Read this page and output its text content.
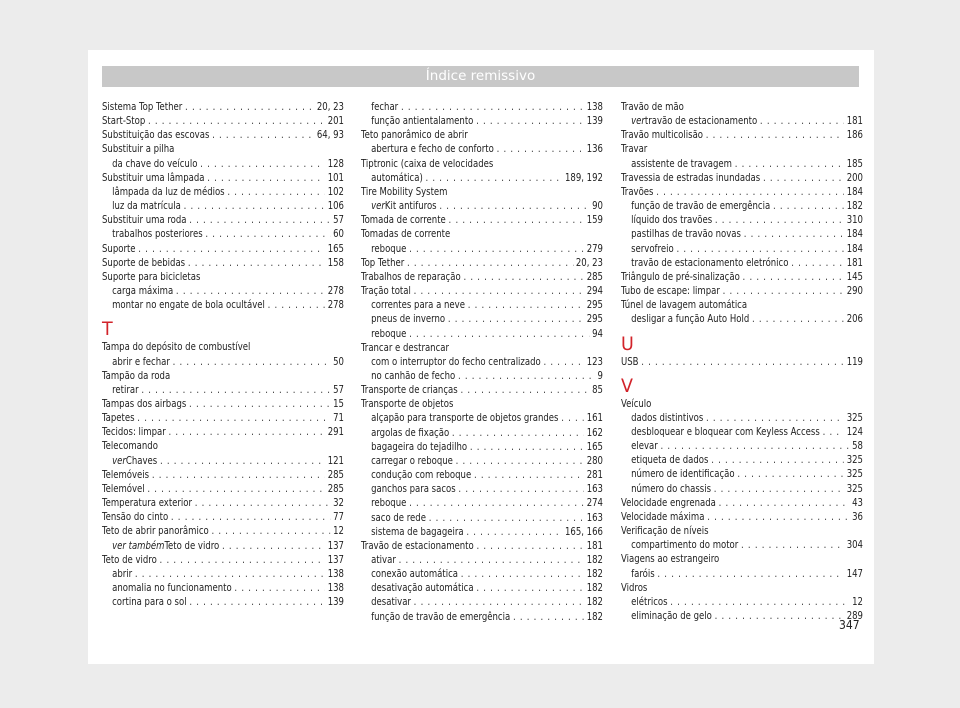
Índice remissivo
Sistema Top Tether . . .	20, 23
Start-Stop . . .	201
Substituição das escovas . . .	64, 93
Substituir a pilha
da chave do veículo . . .	128
Substituir uma lâmpada . . .	101
lâmpada da luz de médios . . .	102
luz da matrícula . . .	106
Substituir uma roda . . .	57
trabalhos posteriores . . .	60
Suporte . . .	165
Suporte de bebidas . . .	158
Suporte para bicicletas
carga máxima . . .	278
montar no engate de bola ocultável . . .	278
T
Tampa do depósito de combustível
abrir e fechar . . .	50
Tampão da roda
retirar . . .	57
Tampas dos airbags . . .	15
Tapetes . . .	71
Tecidos: limpar . . .	291
Telecomando
ver Chaves . . .	121
Telemóveis . . .	285
Telemóvel . . .	285
Temperatura exterior . . .	32
Tensão do cinto . . .	77
Teto de abrir panorâmico . . .	12
ver também Teto de vidro . . .	137
Teto de vidro . . .	137
abrir . . .	138
anomalia no funcionamento . . .	138
cortina para o sol . . .	139
fechar . . .	138
função antientalamento . . .	139
Teto panorâmico de abrir
abertura e fecho de conforto . . .	136
Tiptronic (caixa de velocidades
automática) . . .	189, 192
Tire Mobility System
ver Kit antifuros . . .	90
Tomada de corrente . . .	159
Tomadas de corrente
reboque . . .	279
Top Tether . . .	20, 23
Trabalhos de reparação . . .	285
Tração total . . .	294
correntes para a neve . . .	295
pneus de inverno . . .	295
reboque . . .	94
Trancar e destrancar
com o interruptor do fecho centralizado . . .	123
no canhão de fecho . . .	9
Transporte de crianças . . .	85
Transporte de objetos
alçapão para transporte de objetos grandes . . .	161
argolas de fixação . . .	162
bagageira do tejadilho . . .	165
carregar o reboque . . .	280
condução com reboque . . .	281
ganchos para sacos . . .	163
reboque . . .	274
saco de rede . . .	163
sistema de bagageira . . .	165, 166
Travão de estacionamento . . .	181
ativar . . .	182
conexão automática . . .	182
desativação automática . . .	182
desativar . . .	182
função de travão de emergência . . .	182
Travão de mão
ver travão de estacionamento . . .	181
Travão multicolisão . . .	186
Travar
assistente de travagem . . .	185
Travessia de estradas inundadas . . .	200
Travões . . .	184
função de travão de emergência . . .	182
líquido dos travões . . .	310
pastilhas de travão novas . . .	184
servofreio . . .	184
travão de estacionamento eletrónico . . .	181
Triângulo de pré-sinalização . . .	145
Tubo de escape: limpar . . .	290
Túnel de lavagem automática
desligar a função Auto Hold . . .	206
U
USB . . .	119
V
Veículo
dados distintivos . . .	325
desbloquear e bloquear com Keyless Access . . .	124
elevar . . .	58
etiqueta de dados . . .	325
número de identificação . . .	325
número do chassis . . .	325
Velocidade engrenada . . .	43
Velocidade máxima . . .	36
Verificação de níveis
compartimento do motor . . .	304
Viagens ao estrangeiro
faróis . . .	147
Vidros
elétricos . . .	12
eliminação de gelo . . .	289
347
